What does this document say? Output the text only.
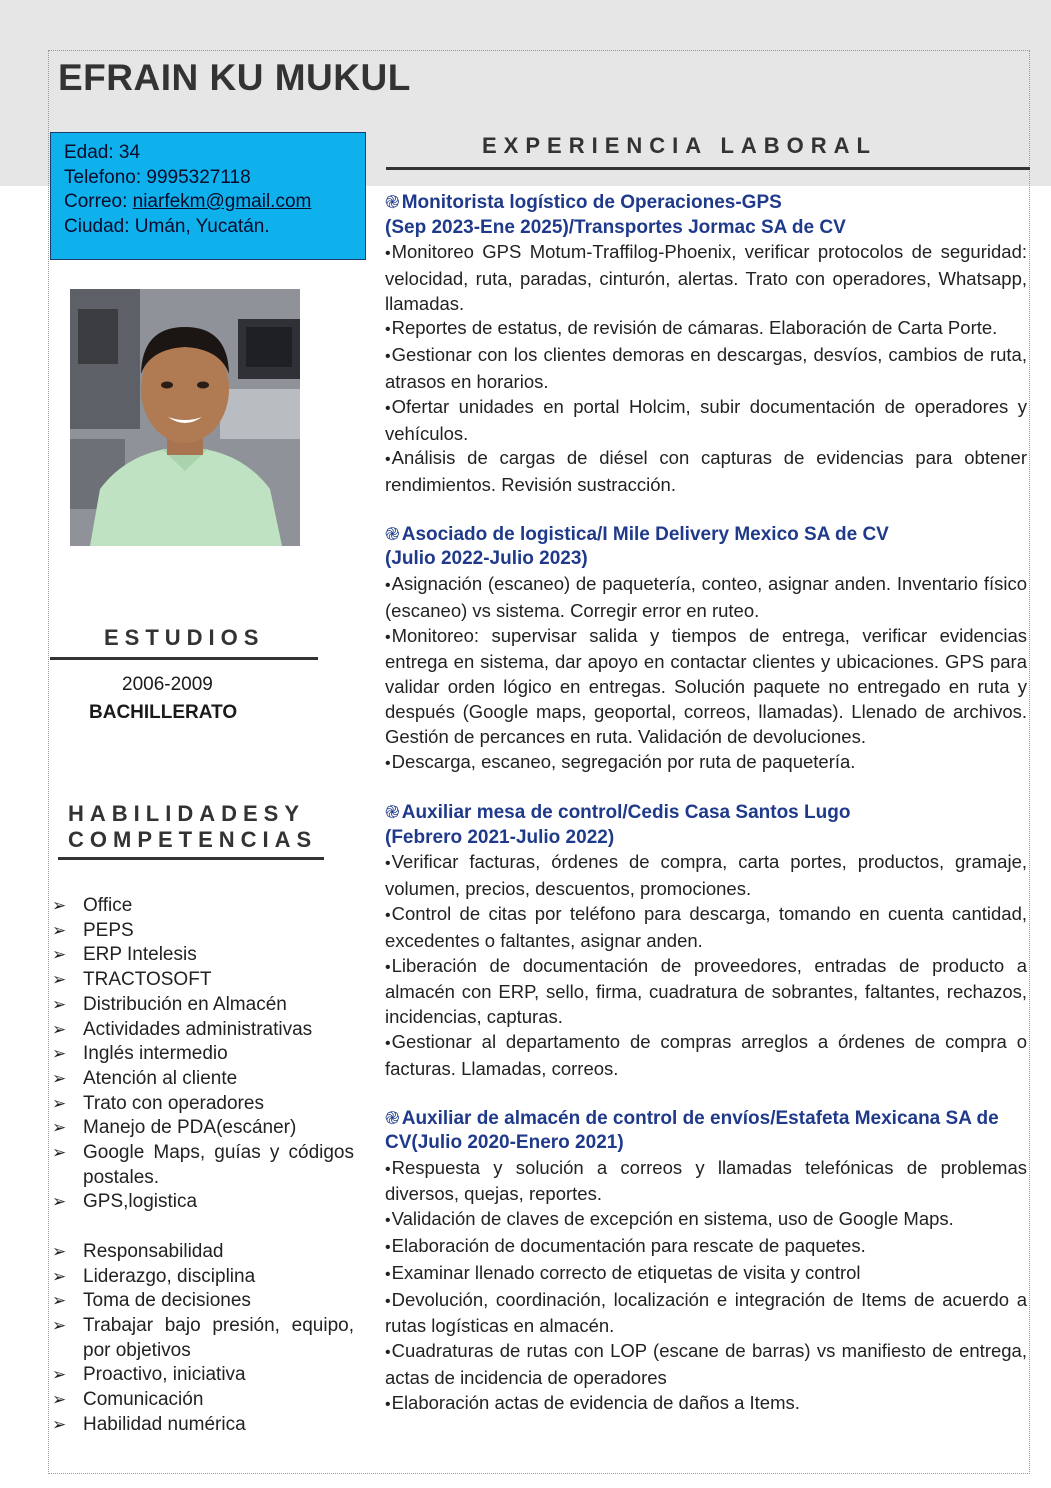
EFRAIN KU MUKUL
Edad: 34
Telefono: 9995327118
Correo: niarfekm@gmail.com
Ciudad: Umán, Yucatán.
ESTUDIOS
2006-2009
BACHILLERATO
HABILIDADESY
COMPETENCIAS
➢ Office
➢ PEPS
➢ ERP Intelesis
➢ TRACTOSOFT
➢ Distribución en Almacén
➢ Actividades administrativas
➢ Inglés intermedio
➢ Atención al cliente
➢ Trato con operadores
➢ Manejo de PDA(escáner)
➢ Google Maps, guías y códigos postales.
➢ GPS,logistica
➢ Responsabilidad
➢ Liderazgo, disciplina
➢ Toma de decisiones
➢ Trabajar bajo presión, equipo, por objetivos
➢ Proactivo, iniciativa
➢ Comunicación
➢ Habilidad numérica
EXPERIENCIA LABORAL
֎ Monitorista logístico de Operaciones-GPS
(Sep 2023-Ene 2025)/Transportes Jormac SA de CV
•Monitoreo GPS Motum-Traffilog-Phoenix, verificar protocolos de seguridad: velocidad, ruta, paradas, cinturón, alertas. Trato con operadores, Whatsapp, llamadas.
•Reportes de estatus, de revisión de cámaras. Elaboración de Carta Porte.
•Gestionar con los clientes demoras en descargas, desvíos, cambios de ruta, atrasos en horarios.
•Ofertar unidades en portal Holcim, subir documentación de operadores y vehículos.
•Análisis de cargas de diésel con capturas de evidencias para obtener rendimientos. Revisión sustracción.
֎ Asociado de logistica/I Mile Delivery Mexico SA de CV
(Julio 2022-Julio 2023)
•Asignación (escaneo) de paquetería, conteo, asignar anden. Inventario físico (escaneo) vs sistema. Corregir error en ruteo.
•Monitoreo: supervisar salida y tiempos de entrega, verificar evidencias entrega en sistema, dar apoyo en contactar clientes y ubicaciones. GPS para validar orden lógico en entregas. Solución paquete no entregado en ruta y después (Google maps, geoportal, correos, llamadas). Llenado de archivos. Gestión de percances en ruta. Validación de devoluciones.
•Descarga, escaneo, segregación por ruta de paquetería.
֎ Auxiliar mesa de control/Cedis Casa Santos Lugo
(Febrero 2021-Julio 2022)
•Verificar facturas, órdenes de compra, carta portes, productos, gramaje, volumen, precios, descuentos, promociones.
•Control de citas por teléfono para descarga, tomando en cuenta cantidad, excedentes o faltantes, asignar anden.
•Liberación de documentación de proveedores, entradas de producto a almacén con ERP, sello, firma, cuadratura de sobrantes, faltantes, rechazos, incidencias, capturas.
•Gestionar al departamento de compras arreglos a órdenes de compra o facturas. Llamadas, correos.
֎ Auxiliar de almacén de control de envíos/Estafeta Mexicana SA de CV(Julio 2020-Enero 2021)
•Respuesta y solución a correos y llamadas telefónicas de problemas diversos, quejas, reportes.
•Validación de claves de excepción en sistema, uso de Google Maps.
•Elaboración de documentación para rescate de paquetes.
•Examinar llenado correcto de etiquetas de visita y control
•Devolución, coordinación, localización e integración de Items de acuerdo a rutas logísticas en almacén.
•Cuadraturas de rutas con LOP (escane de barras) vs manifiesto de entrega, actas de incidencia de operadores
•Elaboración actas de evidencia de daños a Items.
